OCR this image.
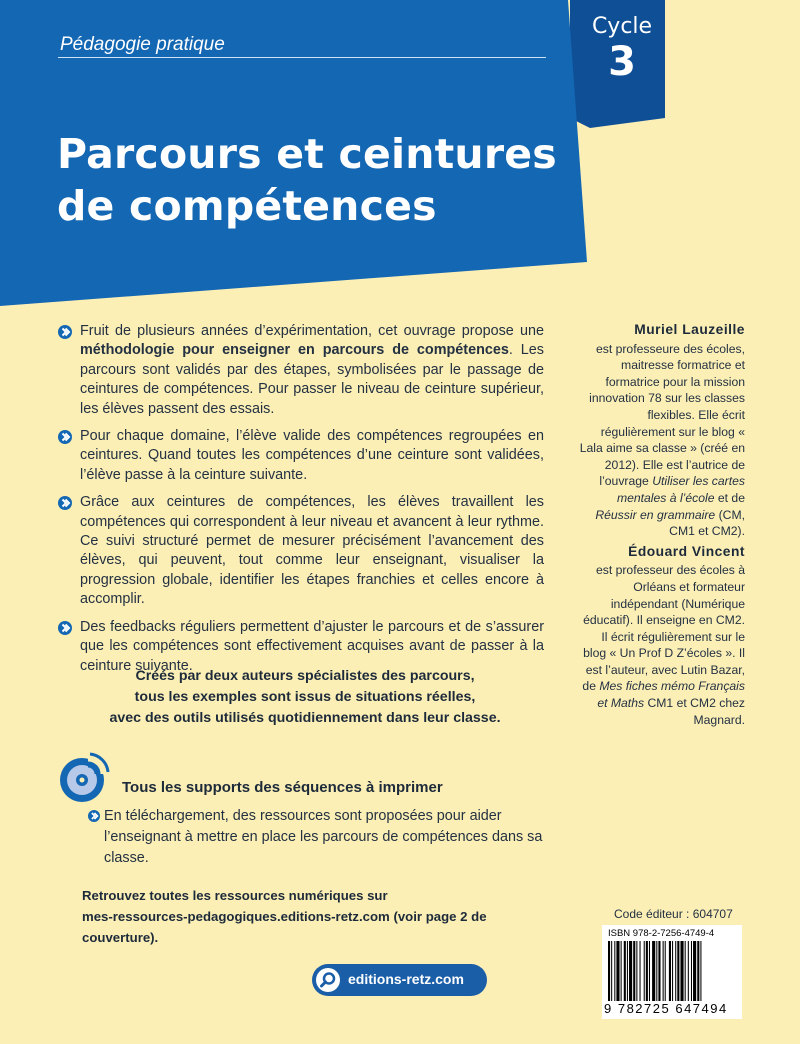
Pédagogie pratique
Cycle
3
Parcours et ceintures
de compétences
Fruit de plusieurs années d’expérimentation, cet ouvrage propose une méthodologie pour enseigner en parcours de compétences. Les parcours sont validés par des étapes, symbolisées par le passage de ceintures de compétences. Pour passer le niveau de ceinture supérieur, les élèves passent des essais.
Pour chaque domaine, l’élève valide des compétences regroupées en ceintures. Quand toutes les compétences d’une ceinture sont validées, l’élève passe à la ceinture suivante.
Grâce aux ceintures de compétences, les élèves travaillent les compétences qui correspondent à leur niveau et avancent à leur rythme. Ce suivi structuré permet de mesurer précisément l’avancement des élèves, qui peuvent, tout comme leur enseignant, visualiser la progression globale, identifier les étapes franchies et celles encore à accomplir.
Des feedbacks réguliers permettent d’ajuster le parcours et de s’assurer que les compétences sont effectivement acquises avant de passer à la ceinture suivante.
Créés par deux auteurs spécialistes des parcours,
tous les exemples sont issus de situations réelles,
avec des outils utilisés quotidiennement dans leur classe.
Tous les supports des séquences à imprimer
En téléchargement, des ressources sont proposées pour aider l’enseignant à mettre en place les parcours de compétences dans sa classe.
Retrouvez toutes les ressources numériques sur
mes-ressources-pedagogiques.editions-retz.com (voir page 2 de couverture).
editions-retz.com

Muriel Lauzeille
est professeure des écoles, maitresse formatrice et formatrice pour la mission innovation 78 sur les classes flexibles. Elle écrit régulièrement sur le blog « Lala aime sa classe » (créé en 2012). Elle est l’autrice de l’ouvrage Utiliser les cartes mentales à l’école et de Réussir en grammaire (CM, CM1 et CM2).

Édouard Vincent
est professeur des écoles à Orléans et formateur indépendant (Numérique éducatif). Il enseigne en CM2. Il écrit régulièrement sur le blog « Un Prof D Z’écoles ». Il est l’auteur, avec Lutin Bazar, de Mes fiches mémo Français et Maths CM1 et CM2 chez Magnard.

Code éditeur : 604707
ISBN 978-2-7256-4749-4
9 782725 647494
